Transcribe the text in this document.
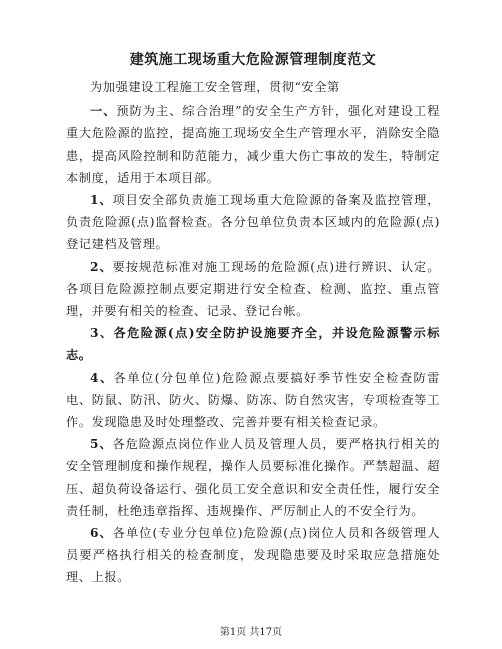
建筑施工现场重大危险源管理制度范文

为加强建设工程施工安全管理，贯彻“安全第

一、预防为主、综合治理”的安全生产方针，强化对建设工程重大危险源的监控，提高施工现场安全生产管理水平，消除安全隐患，提高风险控制和防范能力，减少重大伤亡事故的发生，特制定本制度，适用于本项目部。

1、项目安全部负责施工现场重大危险源的备案及监控管理，负责危险源(点)监督检查。各分包单位负责本区域内的危险源(点)登记建档及管理。

2、要按规范标准对施工现场的危险源(点)进行辨识、认定。各项目危险源控制点要定期进行安全检查、检测、监控、重点管理，并要有相关的检查、记录、登记台帐。

3、各危险源(点)安全防护设施要齐全，并设危险源警示标志。

4、各单位(分包单位)危险源点要搞好季节性安全检查防雷电、防鼠、防汛、防火、防爆、防冻、防自然灾害，专项检查等工作。发现隐患及时处理整改、完善并要有相关检查记录。

5、各危险源点岗位作业人员及管理人员，要严格执行相关的安全管理制度和操作规程，操作人员要标准化操作。严禁超温、超压、超负荷设备运行、强化员工安全意识和安全责任性，履行安全责任制，杜绝违章指挥、违规操作、严厉制止人的不安全行为。

6、各单位(专业分包单位)危险源(点)岗位人员和各级管理人员要严格执行相关的检查制度，发现隐患要及时采取应急措施处理、上报。

第1页 共17页
